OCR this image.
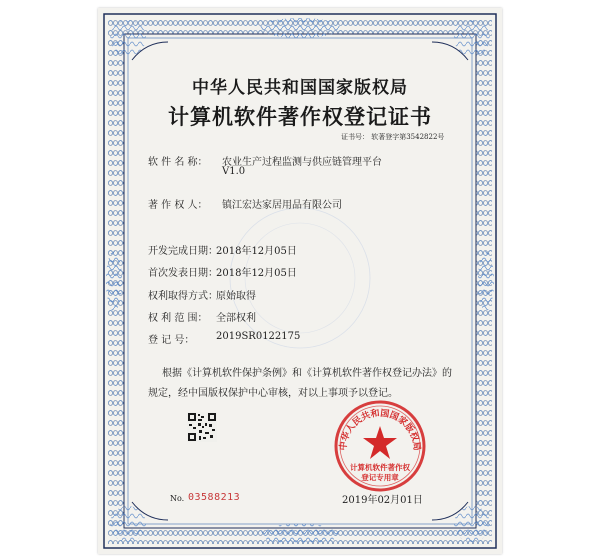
中华人民共和国国家版权局
计算机软件著作权登记证书
证书号： 软著登字第3542822号
软 件 名 称： 农业生产过程监测与供应链管理平台
V1.0
著 作 权 人： 镇江宏达家居用品有限公司
开发完成日期：
2018年12月05日
首次发表日期：
2018年12月05日
权利取得方式：
原始取得
权 利 范 围： 全部权利
登 记 号： 2019SR0122175
根据《计算机软件保护条例》和《计算机软件著作权登记办法》的
规定，经中国版权保护中心审核，对以上事项予以登记。
No. 03588213	2019年02月01日
中华人民共和国国家版权局
计算机软件著作权
登记专用章
